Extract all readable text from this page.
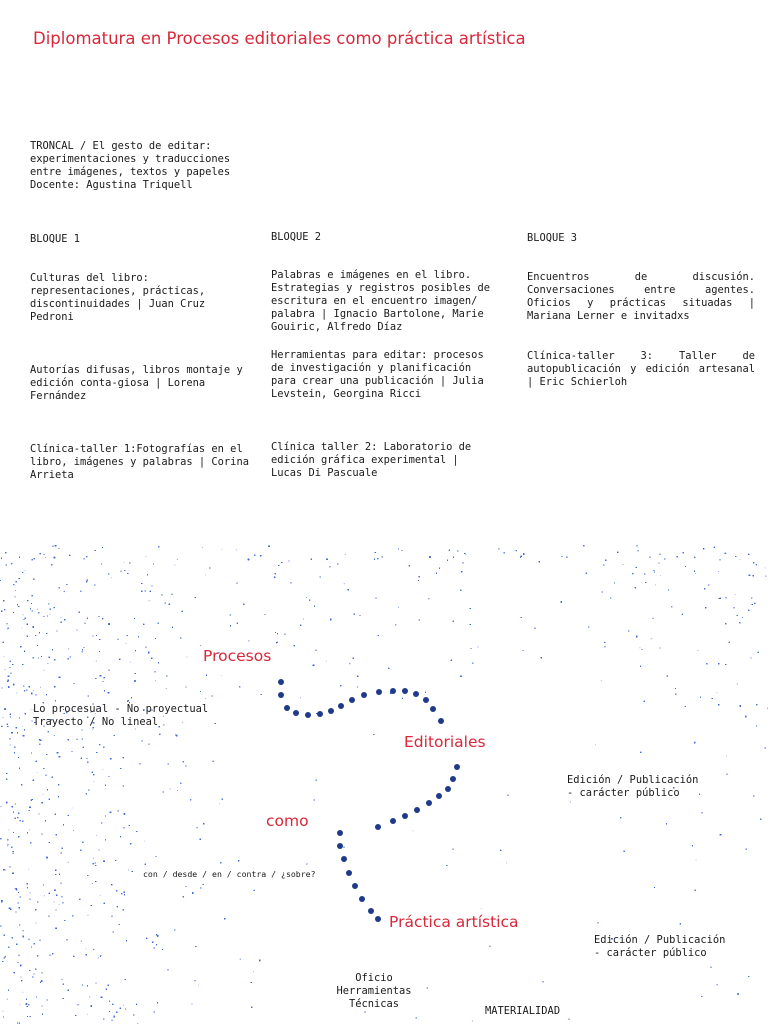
Diplomatura en Procesos editoriales como práctica artística
TRONCAL / El gesto de editar:
experimentaciones y traducciones
entre imágenes, textos y papeles
Docente: Agustina Triquell
BLOQUE 1
Culturas del libro: representaciones, prácticas, discontinuidades | Juan Cruz Pedroni
Autorías difusas, libros montaje y edición conta-giosa | Lorena Fernández
Clínica-taller 1:Fotografías en el libro, imágenes y palabras | Corina Arrieta
BLOQUE 2
Palabras e imágenes en el libro. Estrategias y registros posibles de escritura en el encuentro imagen/ palabra | Ignacio Bartolone, Marie Gouiric, Alfredo Díaz
Herramientas para editar: procesos de investigación y planificación para crear una publicación | Julia Levstein, Georgina Ricci
Clínica taller 2: Laboratorio de edición gráfica experimental | Lucas Di Pascuale
BLOQUE 3
Encuentros de discusión. Conversaciones entre agentes. Oficios y prácticas situadas | Mariana Lerner e invitadxs
Clínica-taller 3: Taller de autopublicación y edición artesanal | Eric Schierloh
Procesos
Editoriales
como
Práctica artística
Lo procesual - No proyectual
Trayecto / No lineal
Edición / Publicación
- carácter público
Edición / Publicación
- carácter público
con / desde / en / contra / ¿sobre?
Oficio
Herramientas
Técnicas
MATERIALIDAD
